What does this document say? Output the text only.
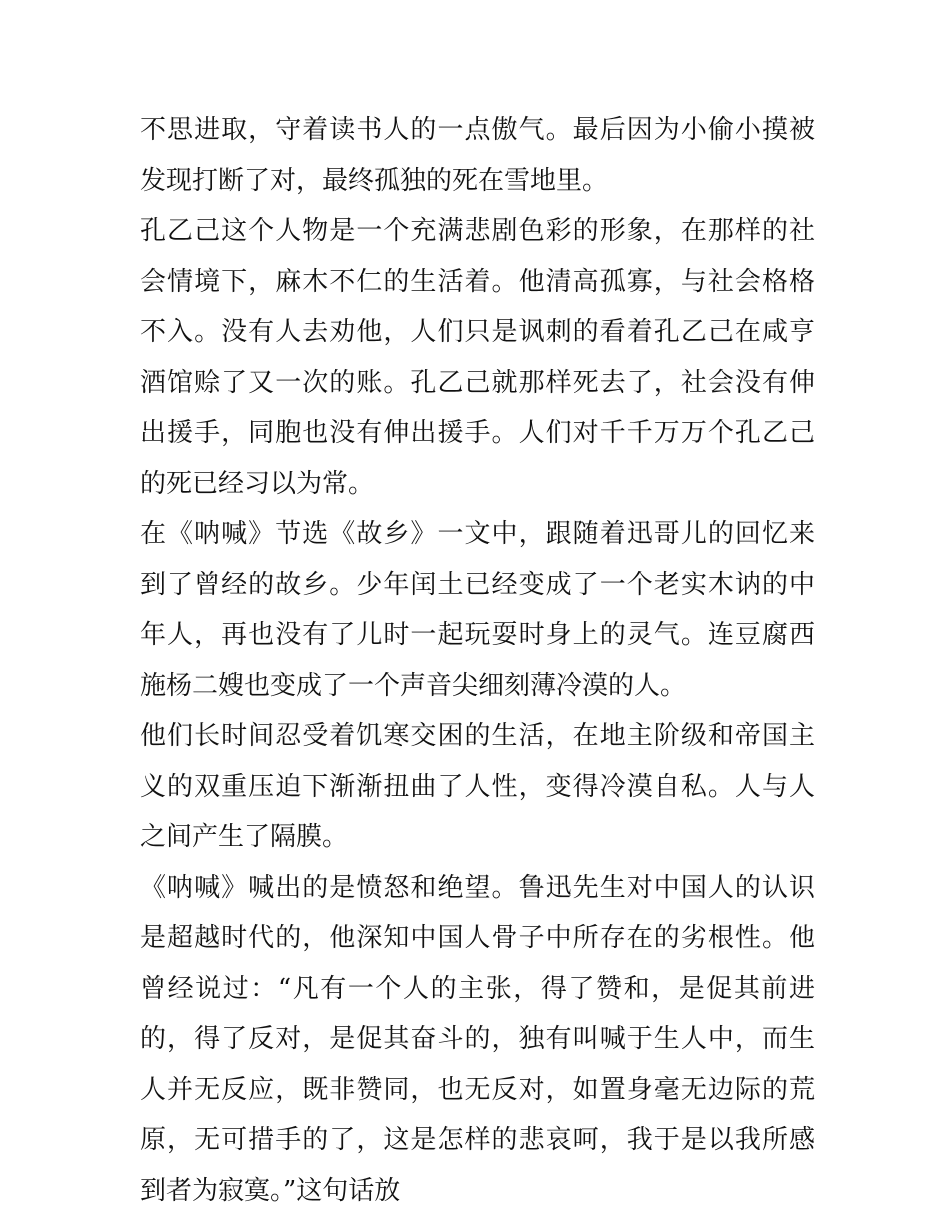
不思进取，守着读书人的一点傲气。最后因为小偷小摸被发现打断了对，最终孤独的死在雪地里。

孔乙己这个人物是一个充满悲剧色彩的形象，在那样的社会情境下，麻木不仁的生活着。他清高孤寡，与社会格格不入。没有人去劝他，人们只是讽刺的看着孔乙己在咸亨酒馆赊了又一次的账。孔乙己就那样死去了，社会没有伸出援手，同胞也没有伸出援手。人们对千千万万个孔乙己的死已经习以为常。

在《呐喊》节选《故乡》一文中，跟随着迅哥儿的回忆来到了曾经的故乡。少年闰土已经变成了一个老实木讷的中年人，再也没有了儿时一起玩耍时身上的灵气。连豆腐西施杨二嫂也变成了一个声音尖细刻薄冷漠的人。

他们长时间忍受着饥寒交困的生活，在地主阶级和帝国主义的双重压迫下渐渐扭曲了人性，变得冷漠自私。人与人之间产生了隔膜。

《呐喊》喊出的是愤怒和绝望。鲁迅先生对中国人的认识是超越时代的，他深知中国人骨子中所存在的劣根性。他曾经说过：“凡有一个人的主张，得了赞和，是促其前进的，得了反对，是促其奋斗的，独有叫喊于生人中，而生人并无反应，既非赞同，也无反对，如置身毫无边际的荒原，无可措手的了，这是怎样的悲哀呵，我于是以我所感到者为寂寞。”这句话放
